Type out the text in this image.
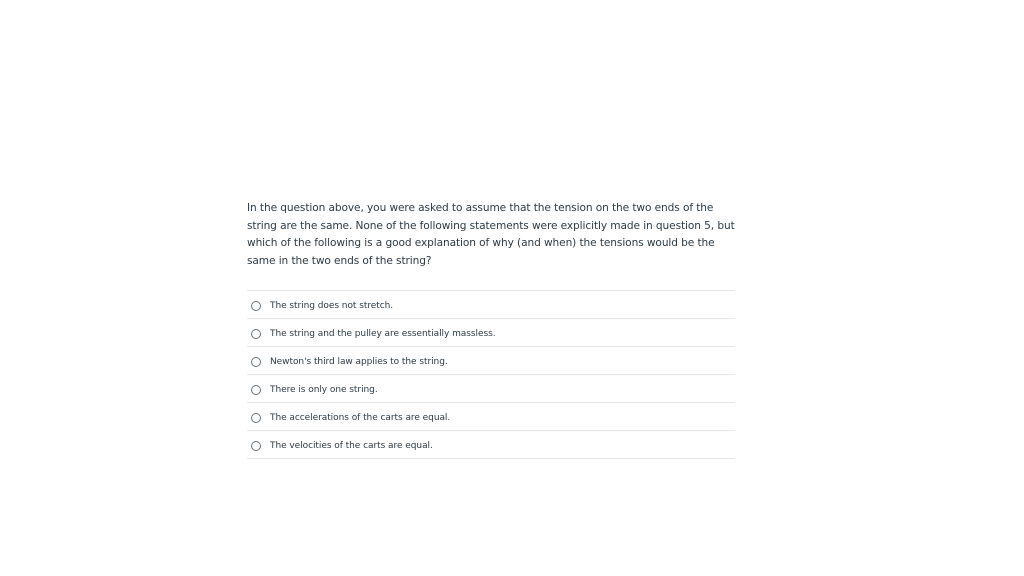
In the question above, you were asked to assume that the tension on the two ends of the string are the same. None of the following statements were explicitly made in question 5, but which of the following is a good explanation of why (and when) the tensions would be the same in the two ends of the string?

The string does not stretch.
The string and the pulley are essentially massless.
Newton's third law applies to the string.
There is only one string.
The accelerations of the carts are equal.
The velocities of the carts are equal.
